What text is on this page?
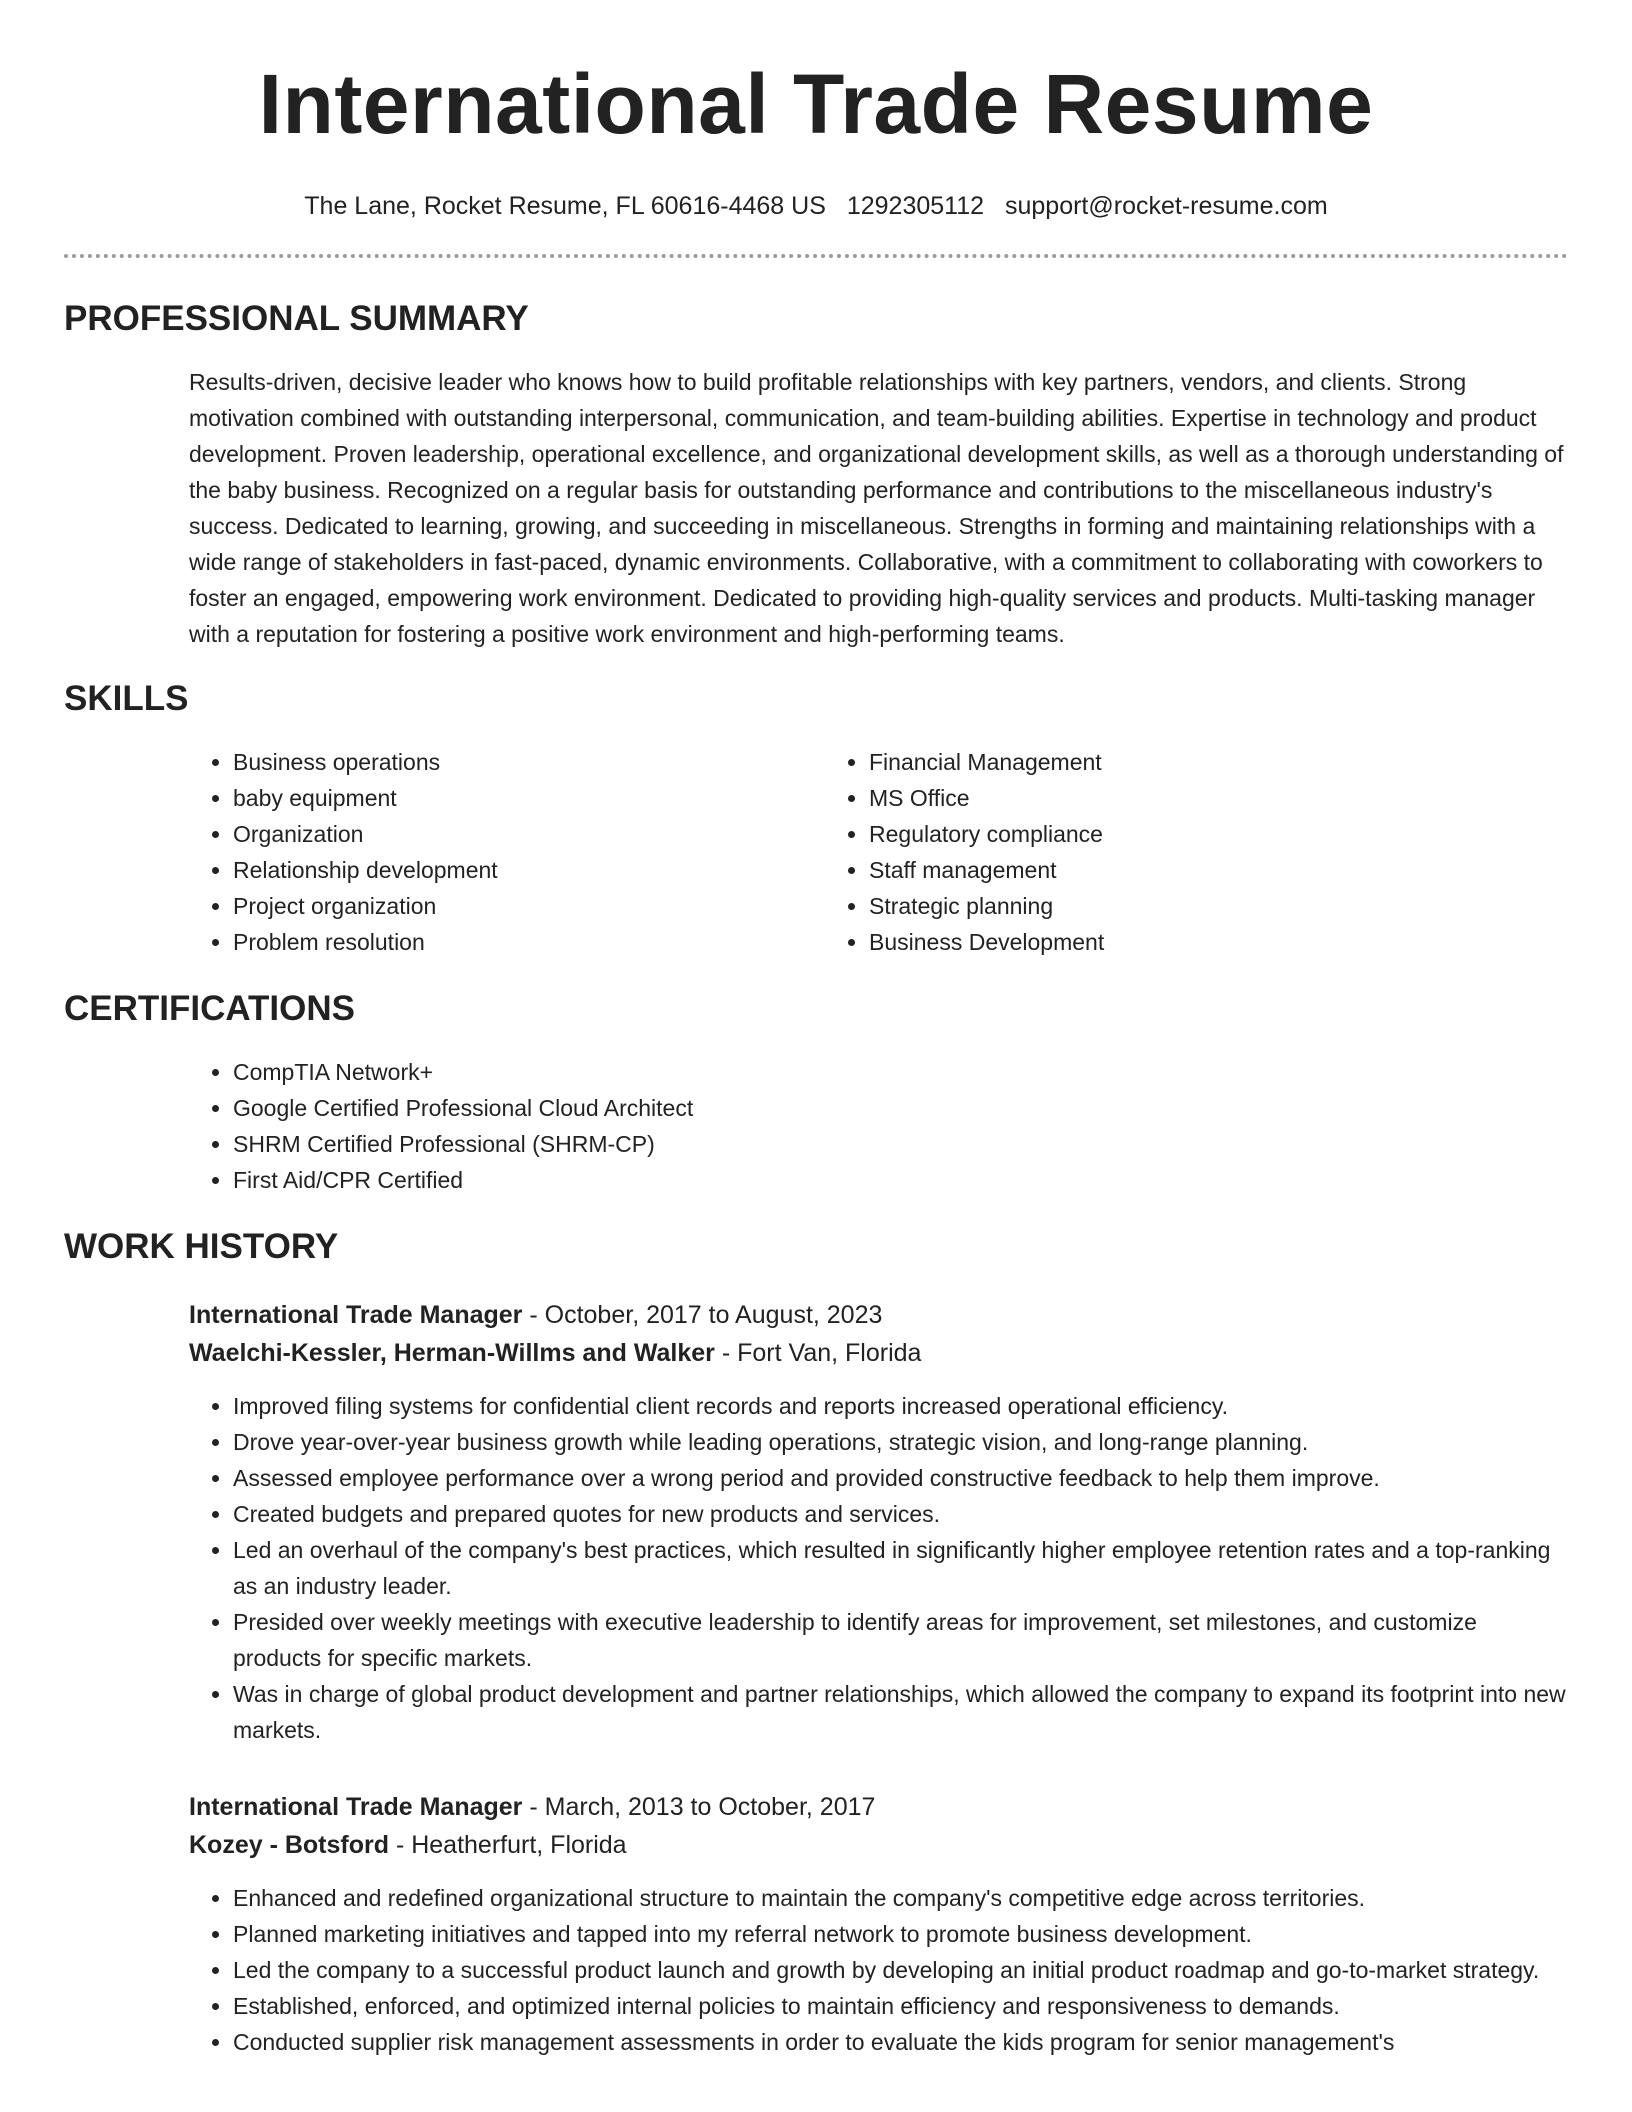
International Trade Resume
The Lane, Rocket Resume, FL 60616-4468 US 1292305112 support@rocket-resume.com
PROFESSIONAL SUMMARY

Results-driven, decisive leader who knows how to build profitable relationships with key partners, vendors, and clients. Strong motivation combined with outstanding interpersonal, communication, and team-building abilities. Expertise in technology and product development. Proven leadership, operational excellence, and organizational development skills, as well as a thorough understanding of the baby business. Recognized on a regular basis for outstanding performance and contributions to the miscellaneous industry's success. Dedicated to learning, growing, and succeeding in miscellaneous. Strengths in forming and maintaining relationships with a wide range of stakeholders in fast-paced, dynamic environments. Collaborative, with a commitment to collaborating with coworkers to foster an engaged, empowering work environment. Dedicated to providing high-quality services and products. Multi-tasking manager with a reputation for fostering a positive work environment and high-performing teams.

SKILLS
• Business operations
• baby equipment
• Organization
• Relationship development
• Project organization
• Problem resolution
• Financial Management
• MS Office
• Regulatory compliance
• Staff management
• Strategic planning
• Business Development
CERTIFICATIONS
• CompTIA Network+
• Google Certified Professional Cloud Architect
• SHRM Certified Professional (SHRM-CP)
• First Aid/CPR Certified
WORK HISTORY
International Trade Manager - October, 2017 to August, 2023
Waelchi-Kessler, Herman-Willms and Walker - Fort Van, Florida
• Improved filing systems for confidential client records and reports increased operational efficiency.
• Drove year-over-year business growth while leading operations, strategic vision, and long-range planning.
• Assessed employee performance over a wrong period and provided constructive feedback to help them improve.
• Created budgets and prepared quotes for new products and services.
• Led an overhaul of the company's best practices, which resulted in significantly higher employee retention rates and a top-ranking as an industry leader.
• Presided over weekly meetings with executive leadership to identify areas for improvement, set milestones, and customize products for specific markets.
• Was in charge of global product development and partner relationships, which allowed the company to expand its footprint into new markets.
International Trade Manager - March, 2013 to October, 2017
Kozey - Botsford - Heatherfurt, Florida
• Enhanced and redefined organizational structure to maintain the company's competitive edge across territories.
• Planned marketing initiatives and tapped into my referral network to promote business development.
• Led the company to a successful product launch and growth by developing an initial product roadmap and go-to-market strategy.
• Established, enforced, and optimized internal policies to maintain efficiency and responsiveness to demands.
• Conducted supplier risk management assessments in order to evaluate the kids program for senior management's
